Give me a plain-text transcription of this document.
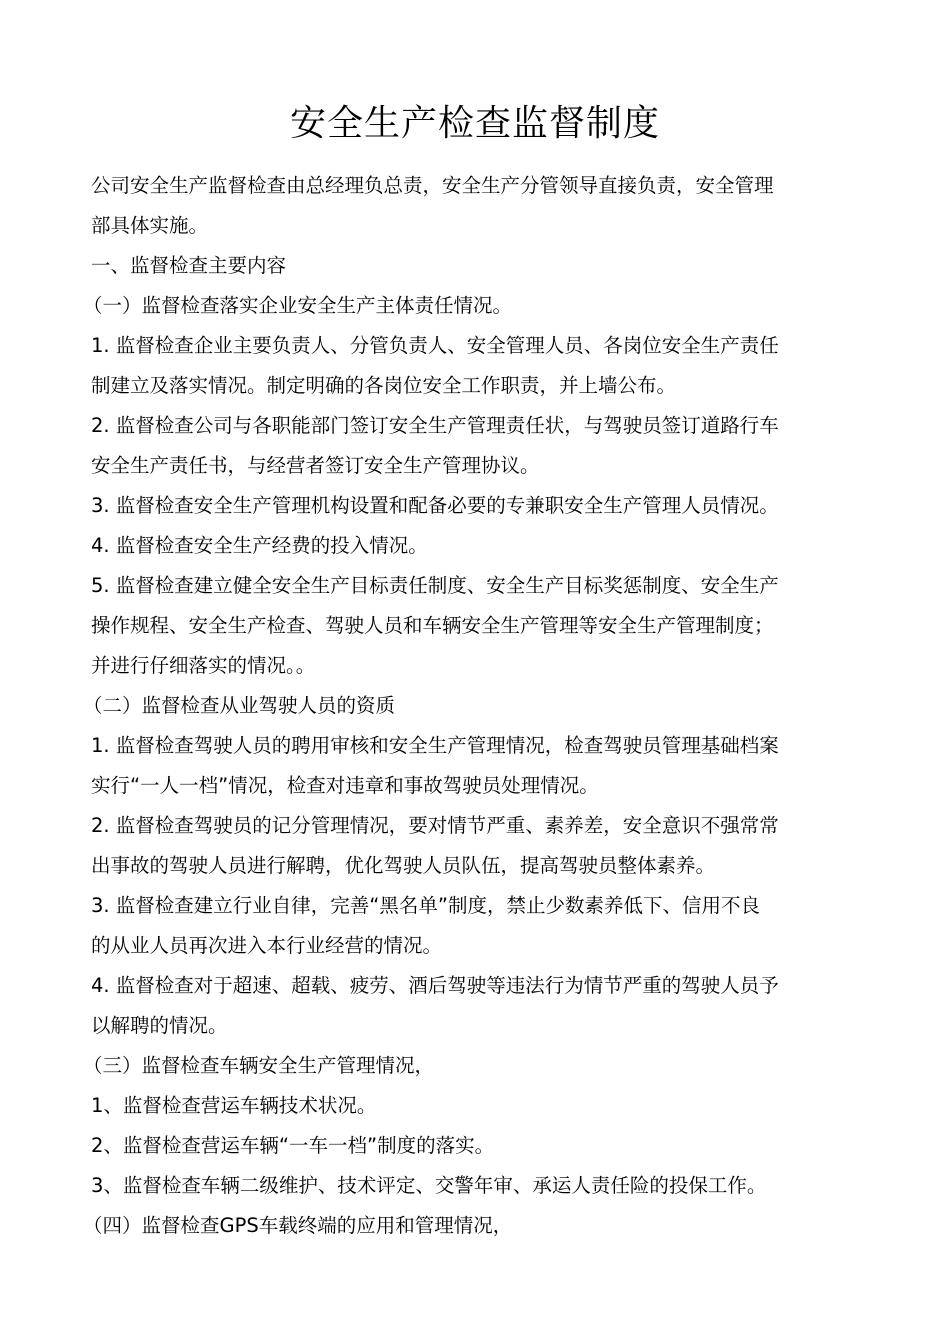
安全生产检查监督制度

公司安全生产监督检查由总经理负总责，安全生产分管领导直接负责，安全管理

部具体实施。

一、监督检查主要内容

（一）监督检查落实企业安全生产主体责任情况。

1. 监督检查企业主要负责人、分管负责人、安全管理人员、各岗位安全生产责任

制建立及落实情况。制定明确的各岗位安全工作职责，并上墙公布。

2. 监督检查公司与各职能部门签订安全生产管理责任状，与驾驶员签订道路行车

安全生产责任书，与经营者签订安全生产管理协议。

3. 监督检查安全生产管理机构设置和配备必要的专兼职安全生产管理人员情况。

4. 监督检查安全生产经费的投入情况。

5. 监督检查建立健全安全生产目标责任制度、安全生产目标奖惩制度、安全生产

操作规程、安全生产检查、驾驶人员和车辆安全生产管理等安全生产管理制度；

并进行仔细落实的情况。。

（二）监督检查从业驾驶人员的资质

1. 监督检查驾驶人员的聘用审核和安全生产管理情况，检查驾驶员管理基础档案

实行“一人一档”情况，检查对违章和事故驾驶员处理情况。

2. 监督检查驾驶员的记分管理情况，要对情节严重、素养差，安全意识不强常常

出事故的驾驶人员进行解聘，优化驾驶人员队伍，提高驾驶员整体素养。

3. 监督检查建立行业自律，完善“黑名单”制度，禁止少数素养低下、信用不良

的从业人员再次进入本行业经营的情况。

4. 监督检查对于超速、超载、疲劳、酒后驾驶等违法行为情节严重的驾驶人员予

以解聘的情况。

（三）监督检查车辆安全生产管理情况，

1、监督检查营运车辆技术状况。

2、监督检查营运车辆“一车一档”制度的落实。

3、监督检查车辆二级维护、技术评定、交警年审、承运人责任险的投保工作。

（四）监督检查GPS车载终端的应用和管理情况，
